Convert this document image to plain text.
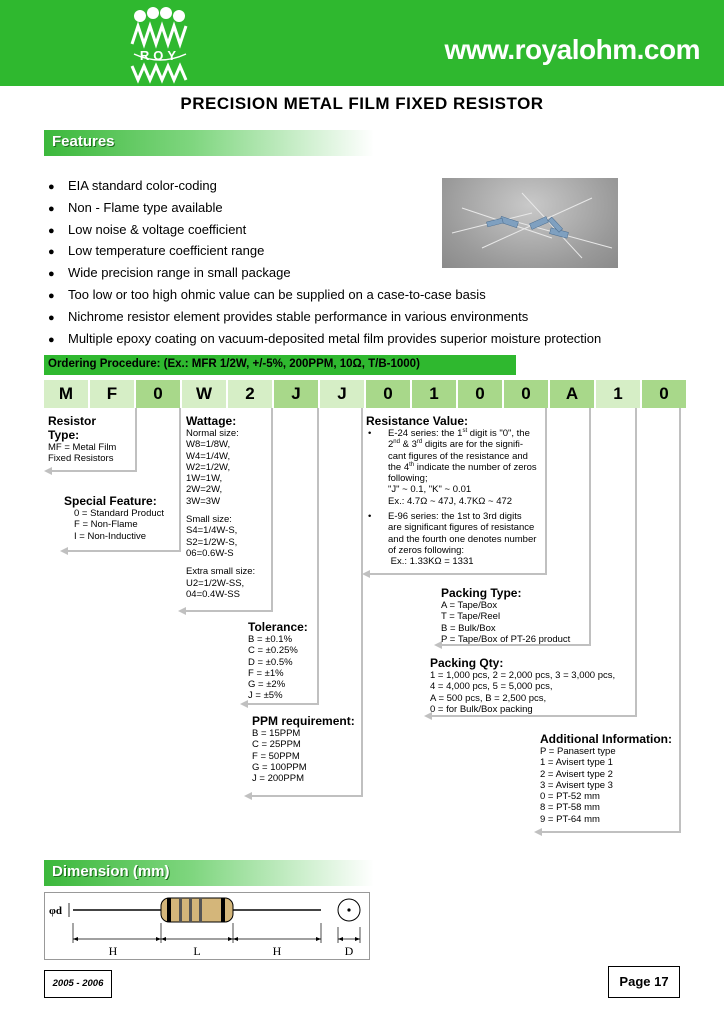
ROY	www.royalohm.com
PRECISION METAL FILM FIXED RESISTOR
Features
● EIA standard color-coding
● Non - Flame type available
● Low noise & voltage coefficient
● Low temperature coefficient range
● Wide precision range in small package
● Too low or too high ohmic value can be supplied on a case-to-case basis
● Nichrome resistor element provides stable performance in various environments
● Multiple epoxy coating on vacuum-deposited metal film provides superior moisture protection
Ordering Procedure: (Ex.: MFR 1/2W, +/-5%, 200PPM, 10Ω, T/B-1000)
M	F	0	W	2	J	J	0	1	0	0	A	1	0
Resistor Type:
MF = Metal Film
Fixed Resistors
Special Feature:
0 = Standard Product
F = Non-Flame
I = Non-Inductive
Wattage:
Normal size:
W8=1/8W,
W4=1/4W,
W2=1/2W,
1W=1W,
2W=2W,
3W=3W
Small size:
S4=1/4W-S,
S2=1/2W-S,
06=0.6W-S
Extra small size:
U2=1/2W-SS,
04=0.4W-SS
Tolerance:
B = ±0.1%
C = ±0.25%
D = ±0.5%
F = ±1%
G = ±2%
J = ±5%
PPM requirement:
B = 15PPM
C = 25PPM
F = 50PPM
G = 100PPM
J = 200PPM
Resistance Value:
• E-24 series: the 1st digit is "0", the
2nd & 3rd digits are for the signifi-
cant figures of the resistance and
the 4th indicate the number of zeros
following;
"J" ~ 0.1, "K" ~ 0.01
Ex.: 4.7Ω ~ 47J, 4.7KΩ ~ 472
• E-96 series: the 1st to 3rd digits
are significant figures of resistance
and the fourth one denotes number
of zeros following:
Ex.: 1.33KΩ = 1331
Packing Type:
A = Tape/Box
T = Tape/Reel
B = Bulk/Box
P = Tape/Box of PT-26 product
Packing Qty:
1 = 1,000 pcs, 2 = 2,000 pcs, 3 = 3,000 pcs,
4 = 4,000 pcs, 5 = 5,000 pcs,
A = 500 pcs, B = 2,500 pcs,
0 = for Bulk/Box packing
Additional Information:
P = Panasert type
1 = Avisert type 1
2 = Avisert type 2
3 = Avisert type 3
0 = PT-52 mm
8 = PT-58 mm
9 = PT-64 mm
Dimension (mm)
φd
H	L	H	D
2005 - 2006	Page 17
